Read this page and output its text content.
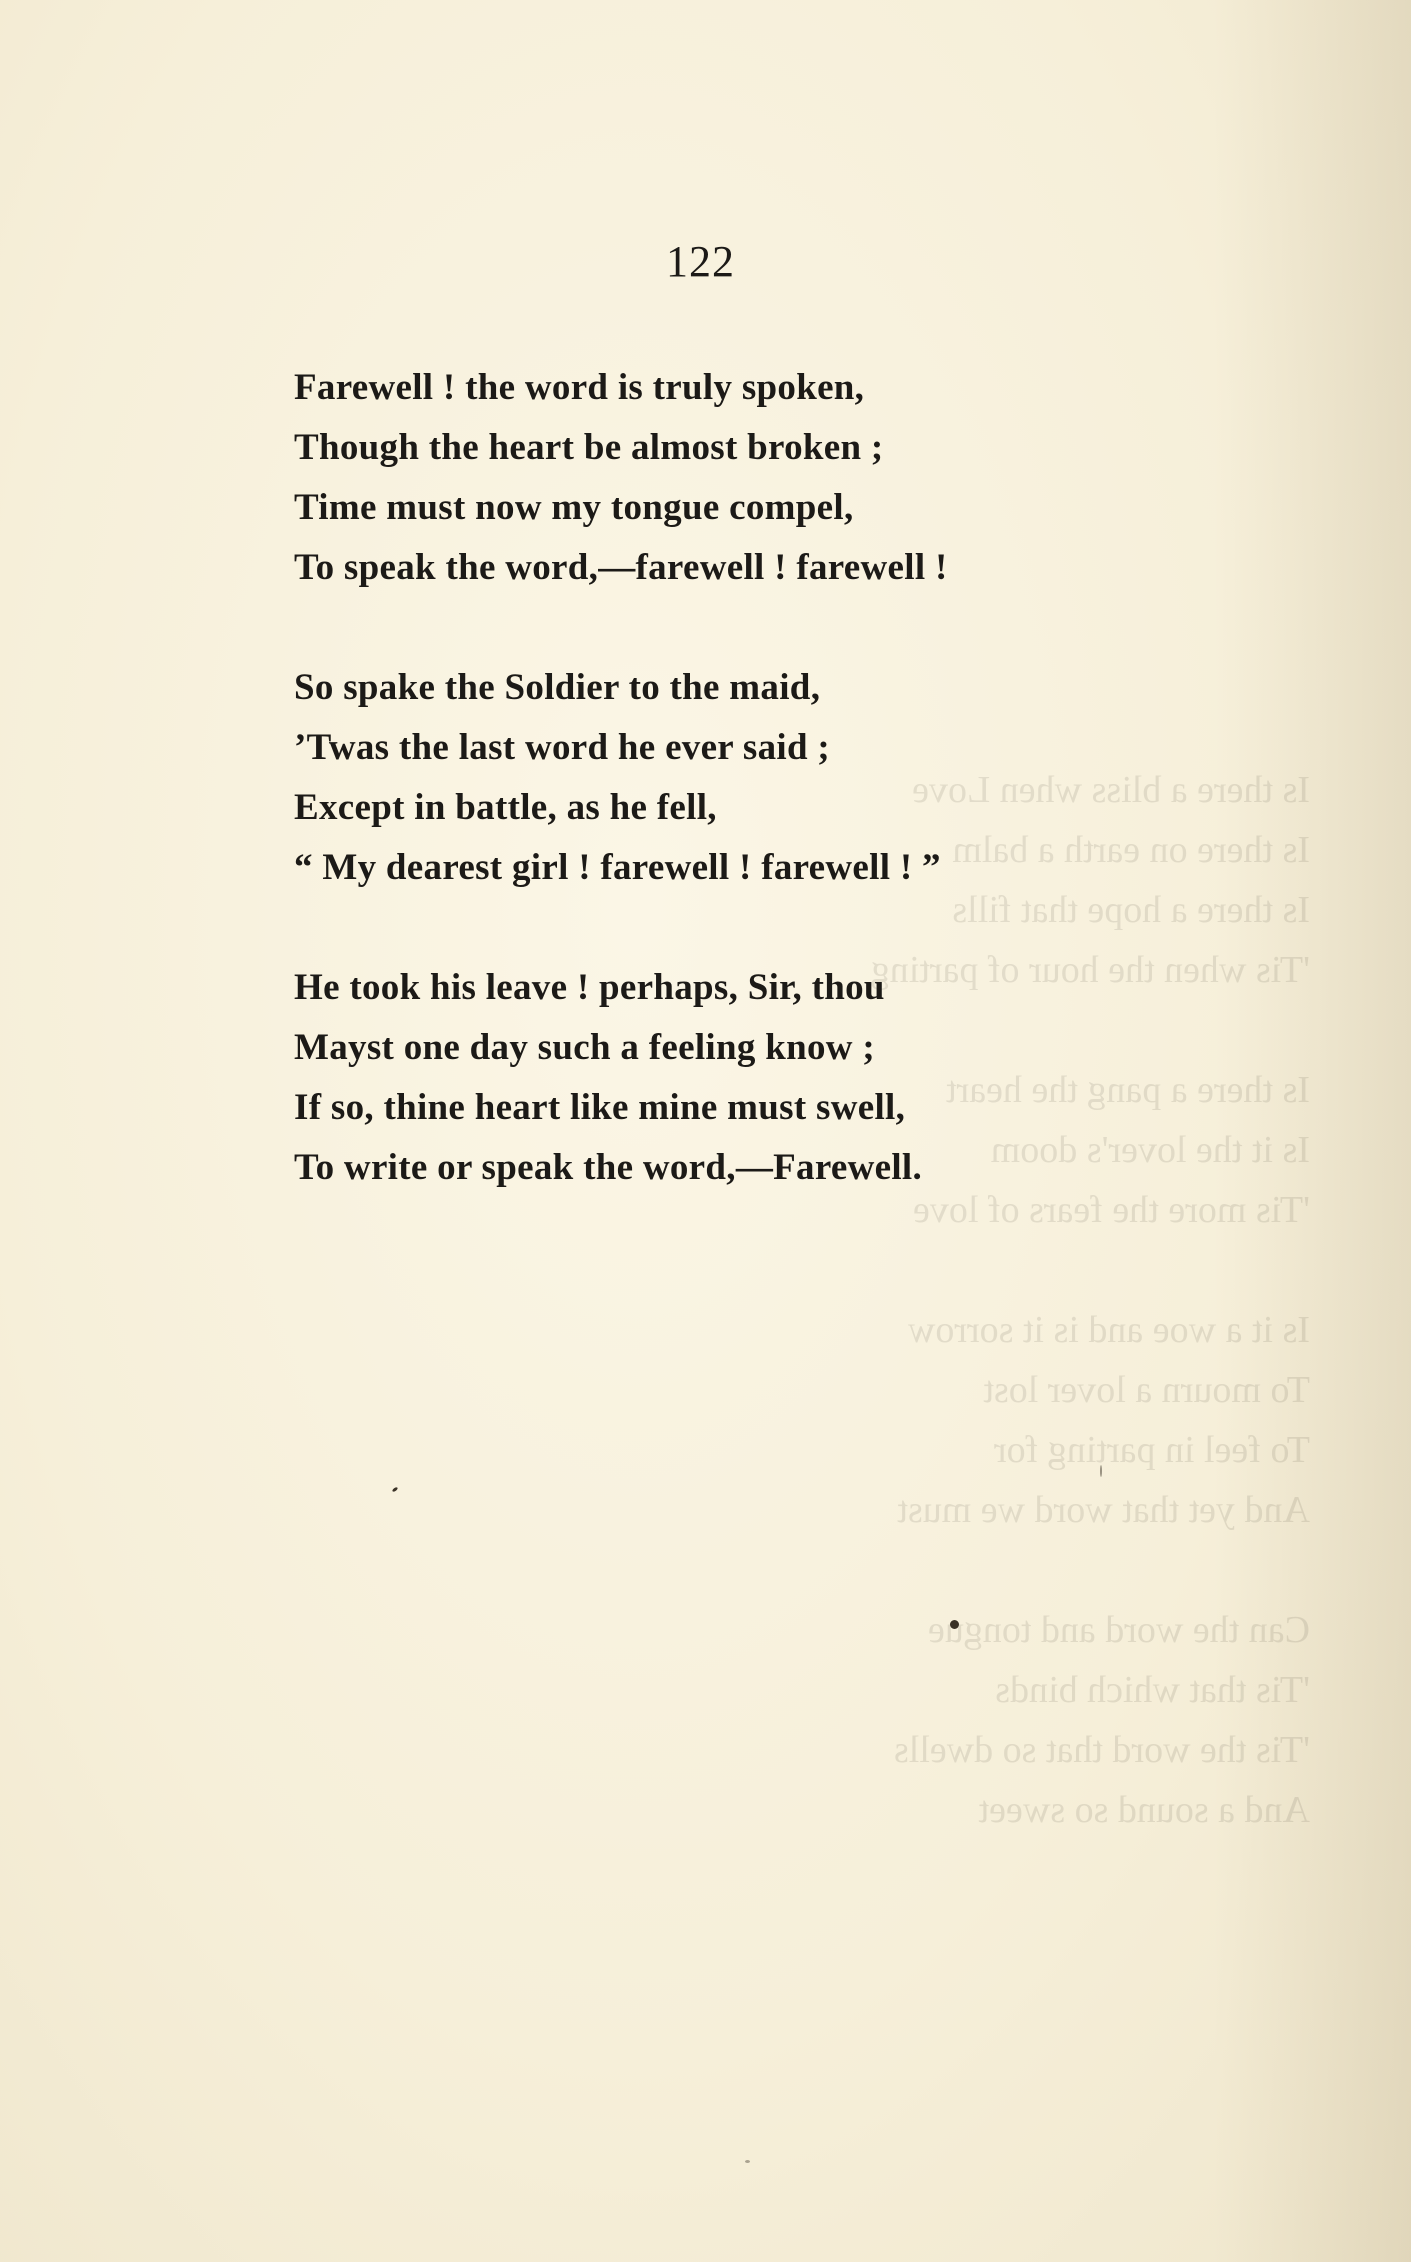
Is there a bliss when Love
Is there on earth a balm
Is there a hope that fills
'Tis when the hour of parting

Is there a pang the heart
Is it the lover's doom
'Tis more the fears of love

Is it a woe and is it sorrow
To mourn a lover lost
To feel in parting for
And yet that word we must

Can the word and tongue
'Tis that which binds
'Tis the word that so dwells
And a sound so sweet
122
Farewell ! the word is truly spoken,
Though the heart be almost broken ;
Time must now my tongue compel,
To speak the word,—farewell ! farewell !
So spake the Soldier to the maid,
’Twas the last word he ever said ;
Except in battle, as he fell,
“ My dearest girl ! farewell ! farewell ! ”
He took his leave ! perhaps, Sir, thou
Mayst one day such a feeling know ;
If so, thine heart like mine must swell,
To write or speak the word,—Farewell.
